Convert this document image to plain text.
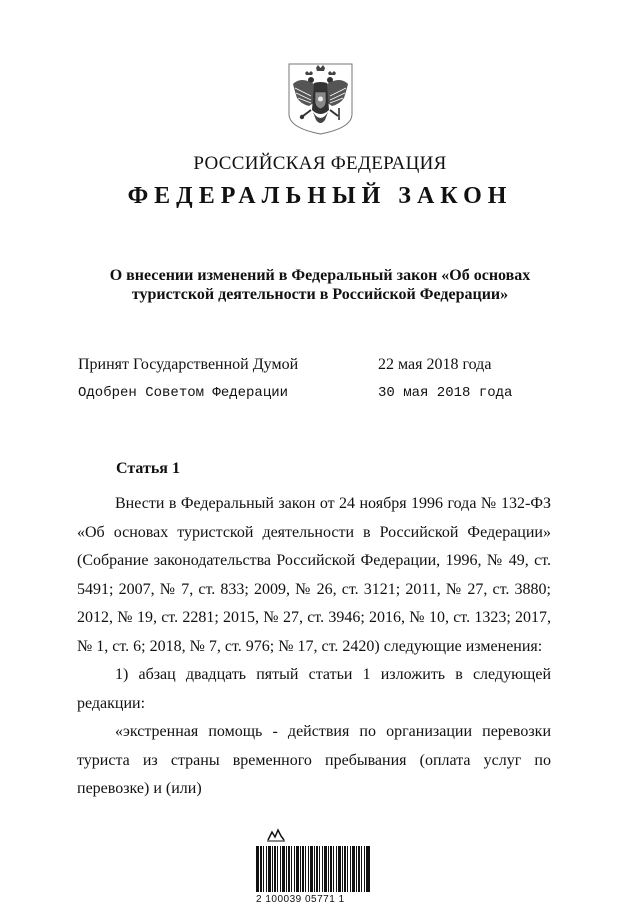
РОССИЙСКАЯ ФЕДЕРАЦИЯ
ФЕДЕРАЛЬНЫЙ ЗАКОН
О внесении изменений в Федеральный закон «Об основах
туристской деятельности в Российской Федерации»
Принят Государственной Думой	22 мая 2018 года
Одобрен Советом Федерации	30 мая 2018 года
Статья 1

Внести в Федеральный закон от 24 ноября 1996 года № 132-ФЗ «Об основах туристской деятельности в Российской Федерации» (Собрание законодательства Российской Федерации, 1996, № 49, ст. 5491; 2007, № 7, ст. 833; 2009, № 26, ст. 3121; 2011, № 27, ст. 3880; 2012, № 19, ст. 2281; 2015, № 27, ст. 3946; 2016, № 10, ст. 1323; 2017, № 1, ст. 6; 2018, № 7, ст. 976; № 17, ст. 2420) следующие изменения:

1) абзац двадцать пятый статьи 1 изложить в следующей редакции:

«экстренная помощь - действия по организации перевозки туриста из страны временного пребывания (оплата услуг по перевозке) и (или)

2 100039 05771 1
